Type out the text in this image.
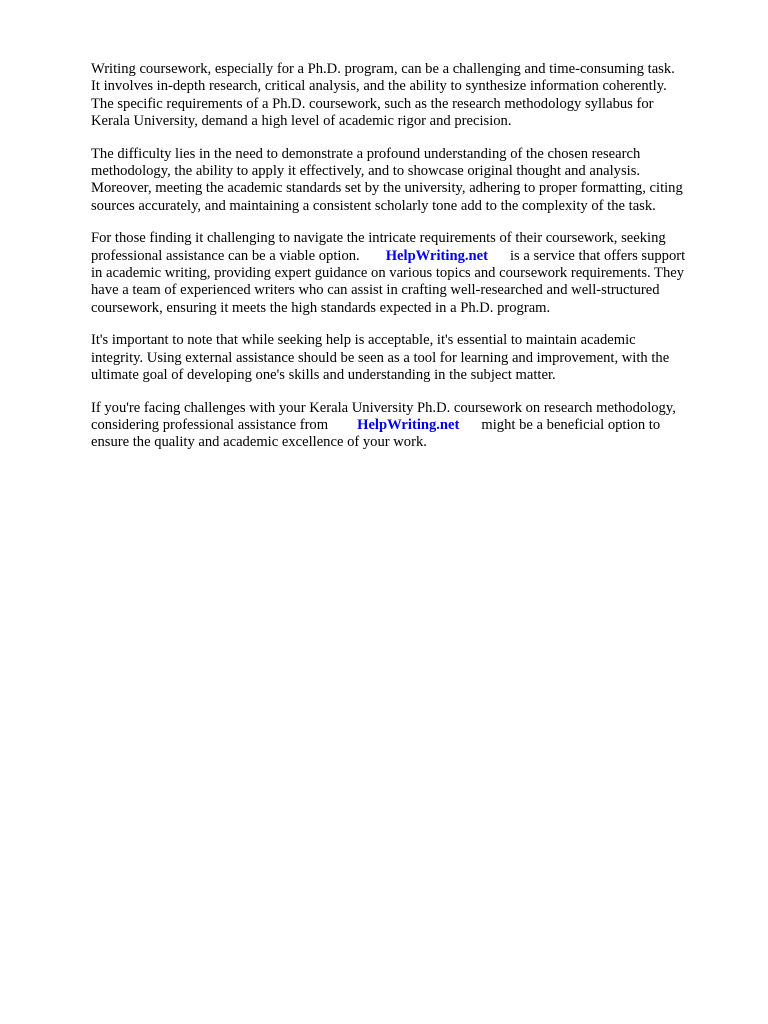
Writing coursework, especially for a Ph.D. program, can be a challenging and time-consuming task.
It involves in-depth research, critical analysis, and the ability to synthesize information coherently.
The specific requirements of a Ph.D. coursework, such as the research methodology syllabus for
Kerala University, demand a high level of academic rigor and precision.

The difficulty lies in the need to demonstrate a profound understanding of the chosen research
methodology, the ability to apply it effectively, and to showcase original thought and analysis.
Moreover, meeting the academic standards set by the university, adhering to proper formatting, citing
sources accurately, and maintaining a consistent scholarly tone add to the complexity of the task.

For those finding it challenging to navigate the intricate requirements of their coursework, seeking
professional assistance can be a viable option. HelpWriting.net is a service that offers support
in academic writing, providing expert guidance on various topics and coursework requirements. They
have a team of experienced writers who can assist in crafting well-researched and well-structured
coursework, ensuring it meets the high standards expected in a Ph.D. program.

It's important to note that while seeking help is acceptable, it's essential to maintain academic
integrity. Using external assistance should be seen as a tool for learning and improvement, with the
ultimate goal of developing one's skills and understanding in the subject matter.

If you're facing challenges with your Kerala University Ph.D. coursework on research methodology,
considering professional assistance from HelpWriting.net might be a beneficial option to
ensure the quality and academic excellence of your work.
